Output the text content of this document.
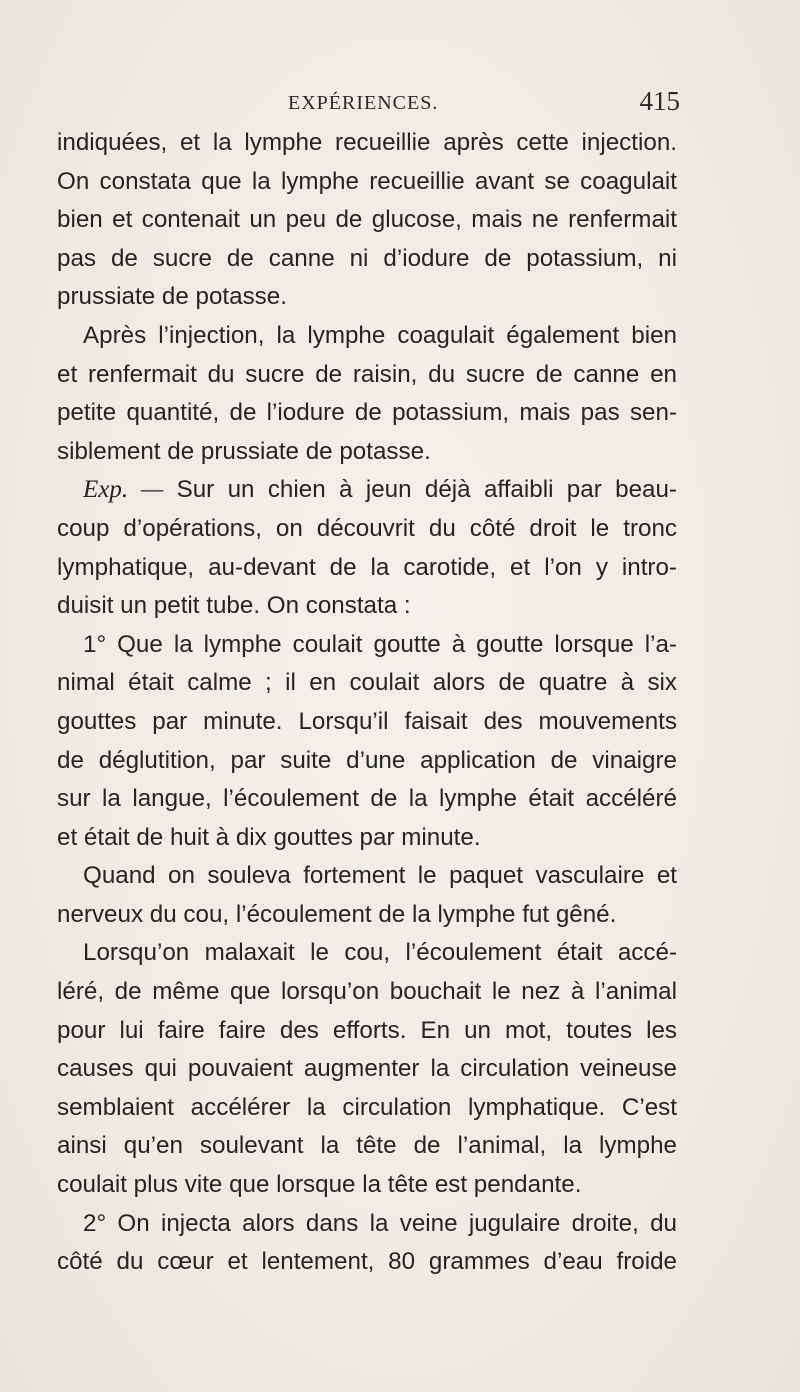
EXPÉRIENCES.	415
indiquées, et la lymphe recueillie après cette injection.
On constata que la lymphe recueillie avant se coagulait
bien et contenait un peu de glucose, mais ne renfermait
pas de sucre de canne ni d’iodure de potassium, ni
prussiate de potasse.
Après l’injection, la lymphe coagulait également bien
et renfermait du sucre de raisin, du sucre de canne en
petite quantité, de l’iodure de potassium, mais pas sen-
siblement de prussiate de potasse.
Exp. — Sur un chien à jeun déjà affaibli par beau-
coup d’opérations, on découvrit du côté droit le tronc
lymphatique, au-devant de la carotide, et l’on y intro-
duisit un petit tube. On constata :
1° Que la lymphe coulait goutte à goutte lorsque l’a-
nimal était calme ; il en coulait alors de quatre à six
gouttes par minute. Lorsqu’il faisait des mouvements
de déglutition, par suite d’une application de vinaigre
sur la langue, l’écoulement de la lymphe était accéléré
et était de huit à dix gouttes par minute.
Quand on souleva fortement le paquet vasculaire et
nerveux du cou, l’écoulement de la lymphe fut gêné.
Lorsqu’on malaxait le cou, l’écoulement était accé-
léré, de même que lorsqu’on bouchait le nez à l’animal
pour lui faire faire des efforts. En un mot, toutes les
causes qui pouvaient augmenter la circulation veineuse
semblaient accélérer la circulation lymphatique. C’est
ainsi qu’en soulevant la tête de l’animal, la lymphe
coulait plus vite que lorsque la tête est pendante.
2° On injecta alors dans la veine jugulaire droite, du
côté du cœur et lentement, 80 grammes d’eau froide
